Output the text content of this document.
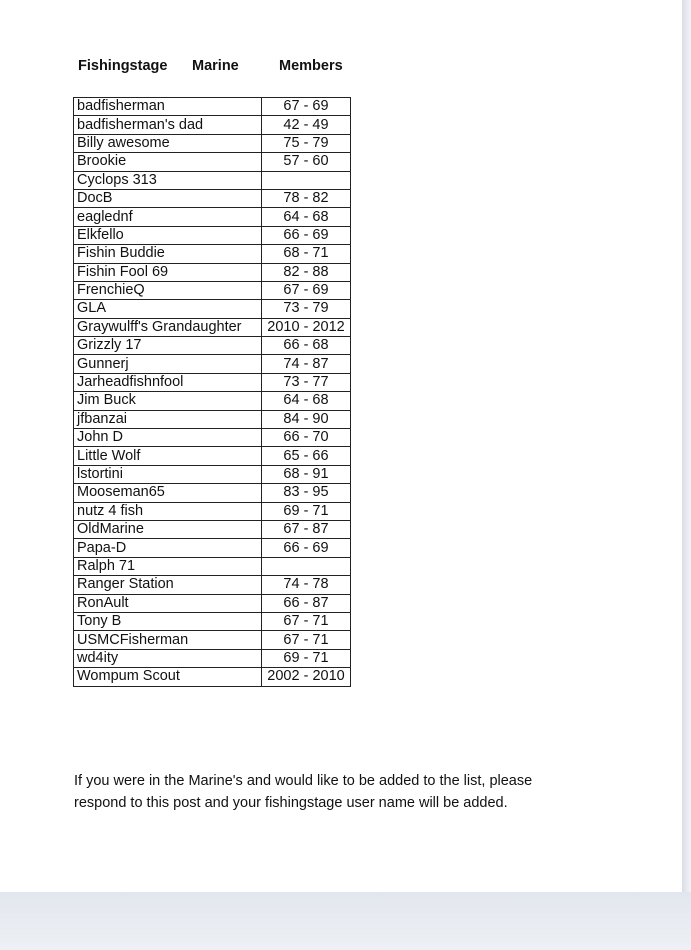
Fishingstage Marine	Members
badfisherman	67 - 69
badfisherman's dad	42 - 49
Billy awesome	75 - 79
Brookie	57 - 60
Cyclops 313	
DocB	78 - 82
eaglednf	64 - 68
Elkfello	66 - 69
Fishin Buddie	68 - 71
Fishin Fool 69	82 - 88
FrenchieQ	67 - 69
GLA	73 - 79
Graywulff's Grandaughter	2010 - 2012
Grizzly 17	66 - 68
Gunnerj	74 - 87
Jarheadfishnfool	73 - 77
Jim Buck	64 - 68
jfbanzai	84 - 90
John D	66 - 70
Little Wolf	65 - 66
lstortini	68 - 91
Mooseman65	83 - 95
nutz 4 fish	69 - 71
OldMarine	67 - 87
Papa-D	66 - 69
Ralph 71	
Ranger Station	74 - 78
RonAult	66 - 87
Tony B	67 - 71
USMCFisherman	67 - 71
wd4ity	69 - 71
Wompum Scout	2002 - 2010
If you were in the Marine's and would like to be added to the list, please
respond to this post and your fishingstage user name will be added.
